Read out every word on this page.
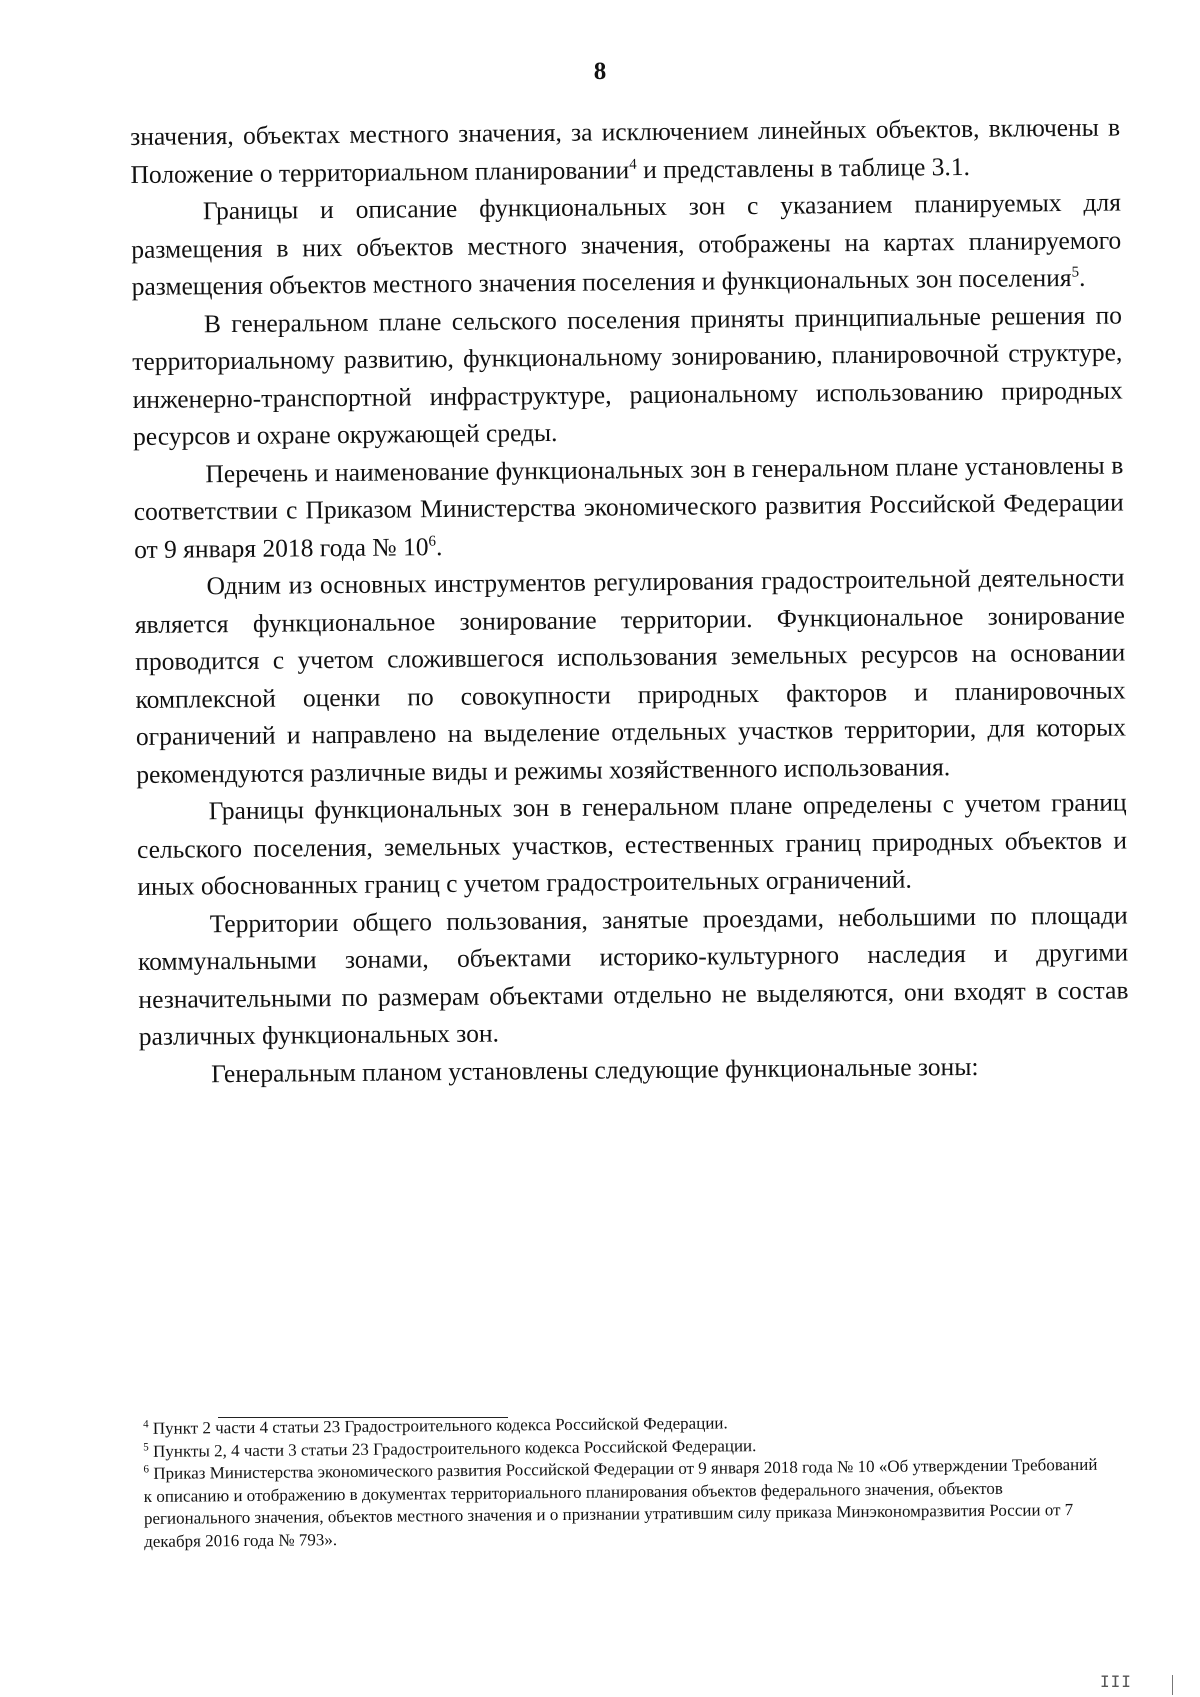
8

значения, объектах местного значения, за исключением линейных объектов, включены в Положение о территориальном планировании$^4$ и представлены в таблице 3.1.

Границы и описание функциональных зон с указанием планируемых для размещения в них объектов местного значения, отображены на картах планируемого размещения объектов местного значения поселения и функциональных зон поселения$^5$.

В генеральном плане сельского поселения приняты принципиальные решения по территориальному развитию, функциональному зонированию, планировочной структуре, инженерно-транспортной инфраструктуре, рациональному использованию природных ресурсов и охране окружающей среды.

Перечень и наименование функциональных зон в генеральном плане установлены в соответствии с Приказом Министерства экономического развития Российской Федерации от 9 января 2018 года № $10^6$.

Одним из основных инструментов регулирования градостроительной деятельности является функциональное зонирование территории. Функциональное зонирование проводится с учетом сложившегося использования земельных ресурсов на основании комплексной оценки по совокупности природных факторов и планировочных ограничений и направлено на выделение отдельных участков территории, для которых рекомендуются различные виды и режимы хозяйственного использования.

Границы функциональных зон в генеральном плане определены с учетом границ сельского поселения, земельных участков, естественных границ природных объектов и иных обоснованных границ с учетом градостроительных ограничений.

Территории общего пользования, занятые проездами, небольшими по площади коммунальными зонами, объектами историко-культурного наследия и другими незначительными по размерам объектами отдельно не выделяются, они входят в состав различных функциональных зон.

Генеральным планом установлены следующие функциональные зоны:

$^4$ Пункт 2 части 4 статьи 23 Градостроительного кодекса Российской Федерации.

$^5$ Пункты 2, 4 части 3 статьи 23 Градостроительного кодекса Российской Федерации.

$^6$ Приказ Министерства экономического развития Российской Федерации от 9 января 2018 года № 10 «Об утверждении Требований к описанию и отображению в документах территориального планирования объектов федерального значения, объектов регионального значения, объектов местного значения и о признании утратившим силу приказа Минэкономразвития России от 7 декабря 2016 года № 793».

ІІІ
